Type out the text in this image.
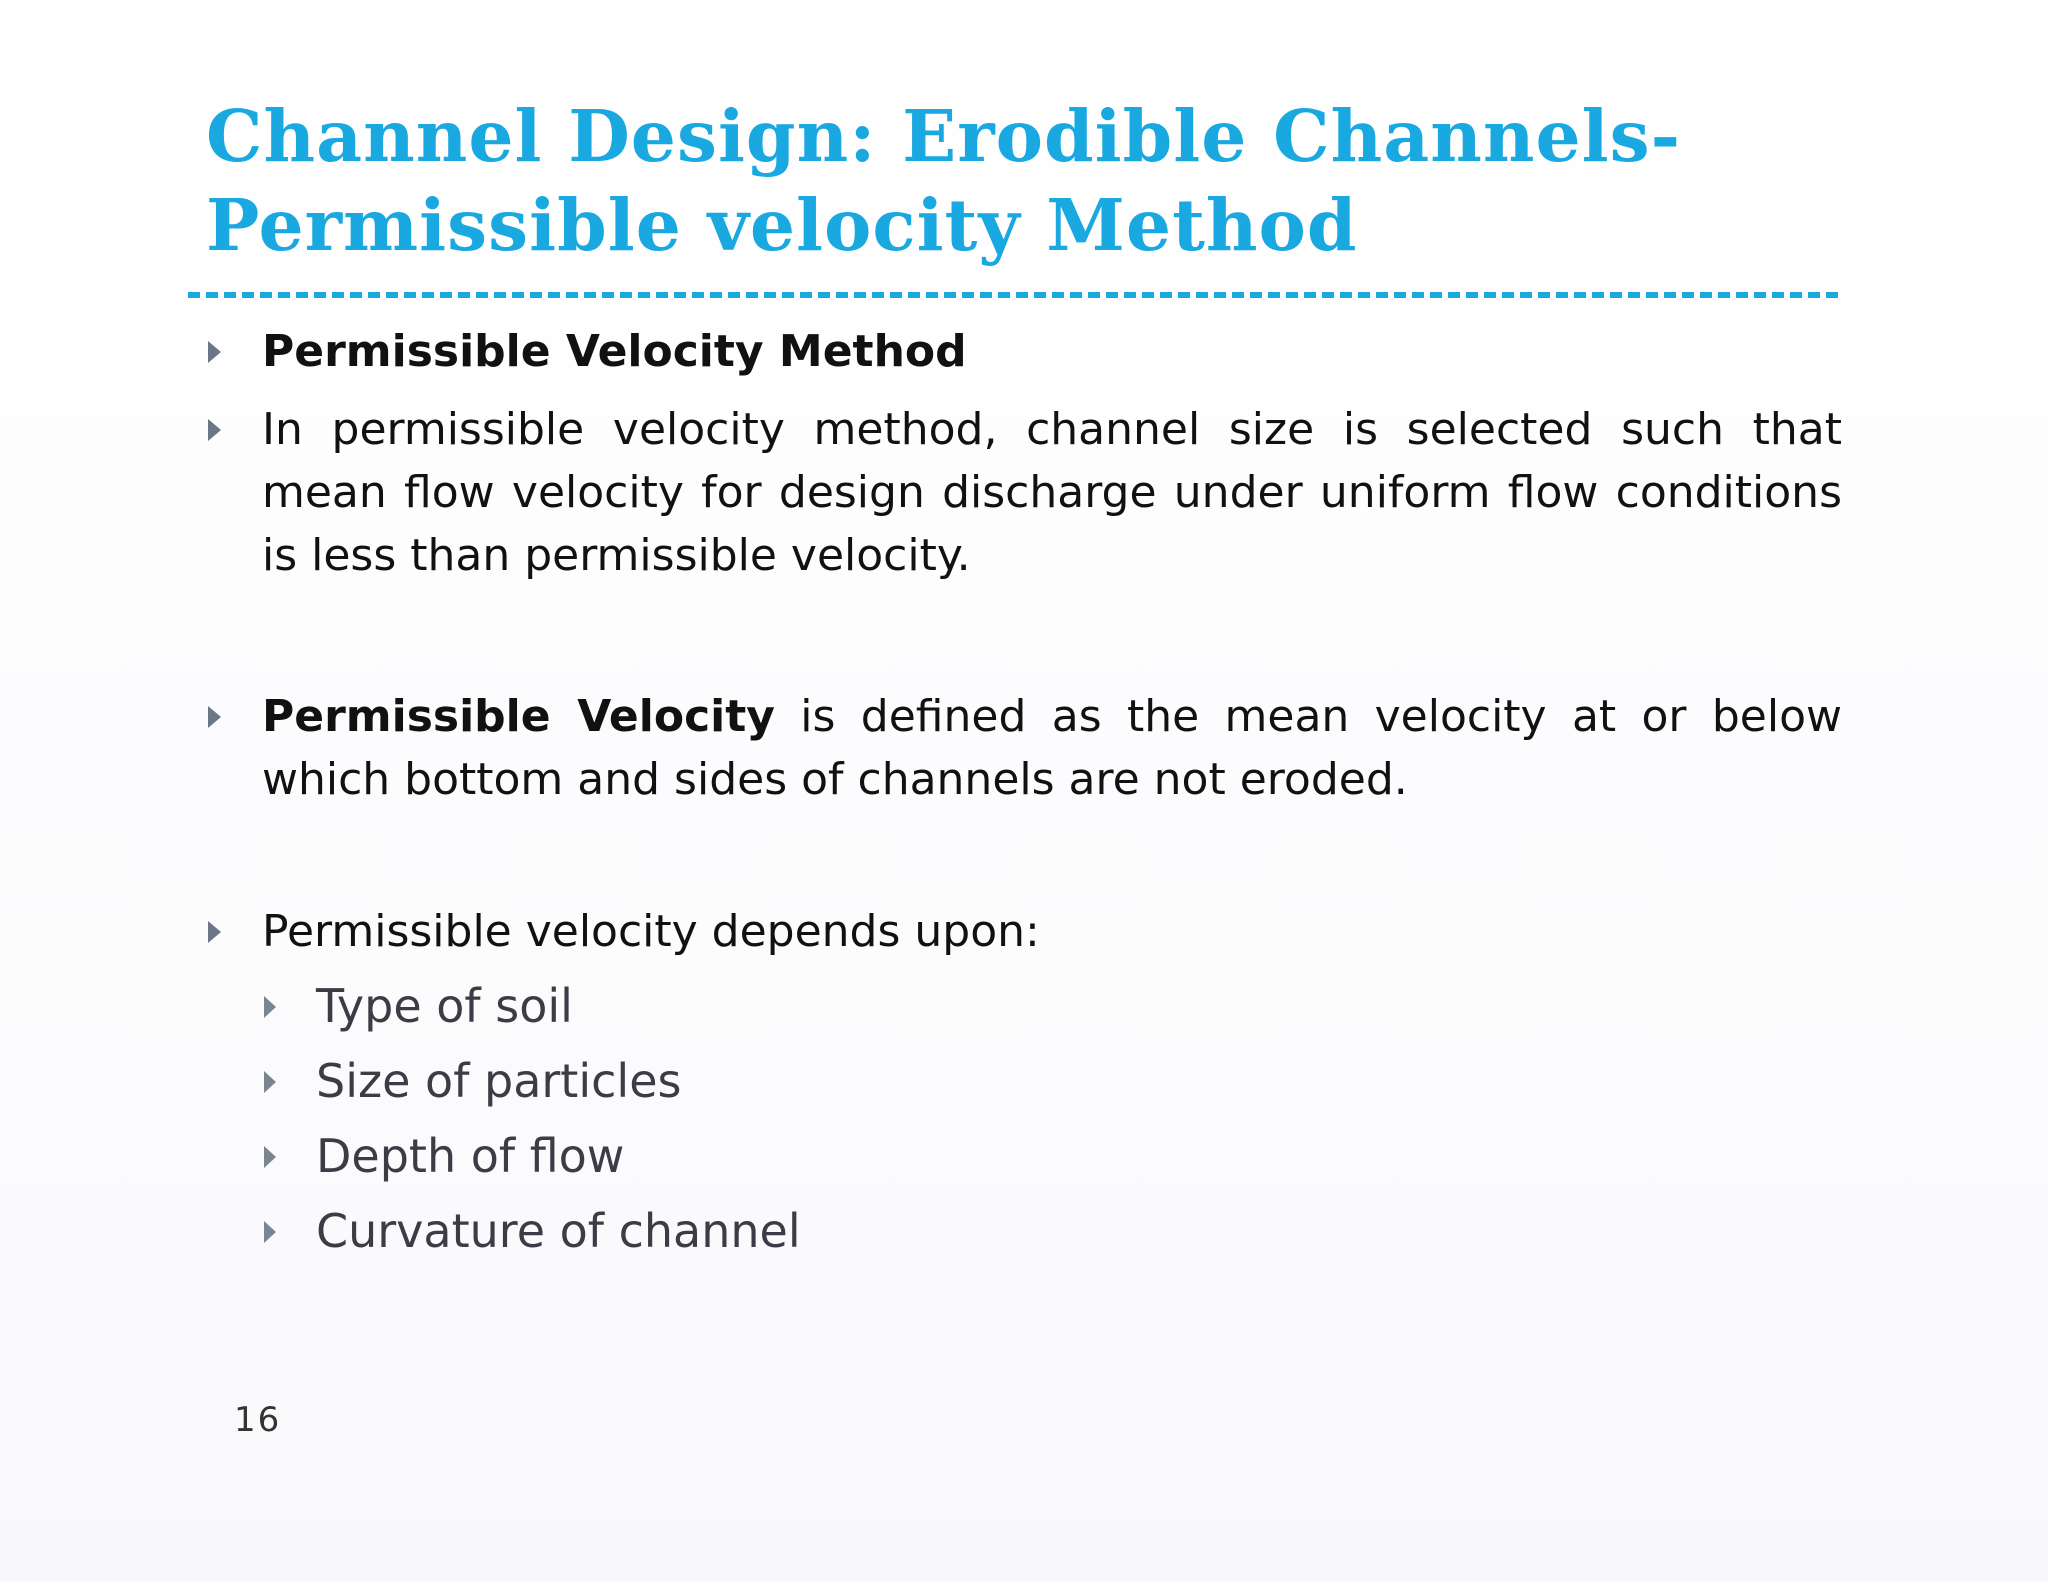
Channel Design: Erodible Channels-
Permissible velocity Method

Permissible Velocity Method

In permissible velocity method, channel size is selected such that mean flow velocity for design discharge under uniform flow conditions is less than permissible velocity.

Permissible Velocity is defined as the mean velocity at or below which bottom and sides of channels are not eroded.

Permissible velocity depends upon:

Type of soil

Size of particles

Depth of flow

Curvature of channel

16
